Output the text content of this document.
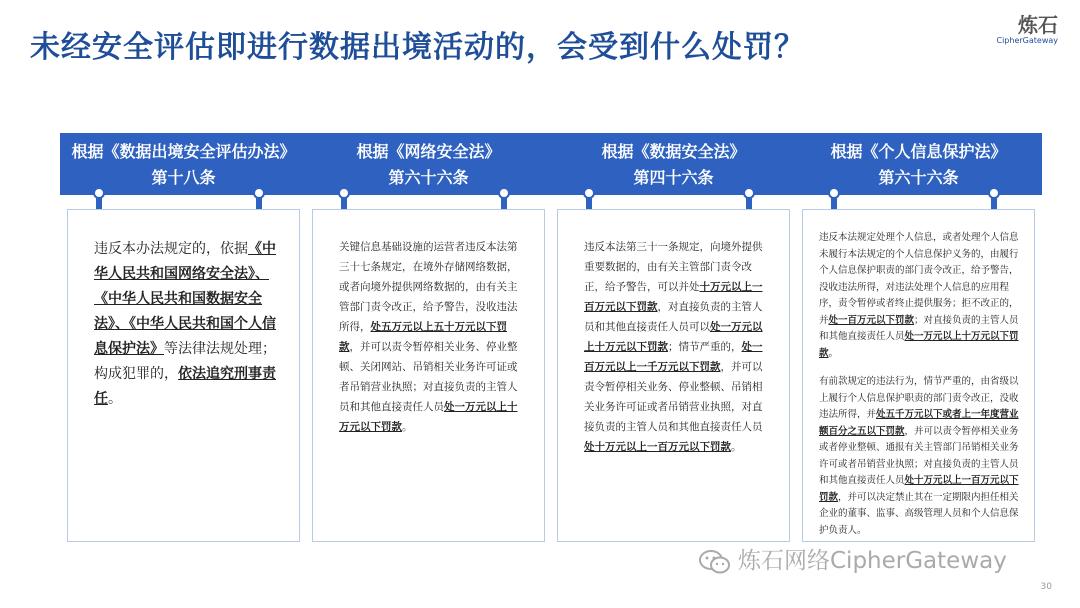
未经安全评估即进行数据出境活动的，会受到什么处罚？
炼石
CipherGateway
根据《数据出境安全评估办法》
第十八条
违反本办法规定的，依据《中华人民共和国网络安全法》、《中华人民共和国数据安全法》、《中华人民共和国个人信息保护法》等法律法规处理；构成犯罪的，依法追究刑事责任。
根据《网络安全法》
第六十六条
关键信息基础设施的运营者违反本法第三十七条规定，在境外存储网络数据，或者向境外提供网络数据的，由有关主管部门责令改正，给予警告，没收违法所得，处五万元以上五十万元以下罚款，并可以责令暂停相关业务、停业整顿、关闭网站、吊销相关业务许可证或者吊销营业执照；对直接负责的主管人员和其他直接责任人员处一万元以上十万元以下罚款。
根据《数据安全法》
第四十六条
违反本法第三十一条规定，向境外提供重要数据的，由有关主管部门责令改正，给予警告，可以并处十万元以上一百万元以下罚款，对直接负责的主管人员和其他直接责任人员可以处一万元以上十万元以下罚款；情节严重的，处一百万元以上一千万元以下罚款，并可以责令暂停相关业务、停业整顿、吊销相关业务许可证或者吊销营业执照，对直接负责的主管人员和其他直接责任人员处十万元以上一百万元以下罚款。
根据《个人信息保护法》
第六十六条
违反本法规定处理个人信息，或者处理个人信息未履行本法规定的个人信息保护义务的，由履行个人信息保护职责的部门责令改正，给予警告，没收违法所得，对违法处理个人信息的应用程序，责令暂停或者终止提供服务；拒不改正的，并处一百万元以下罚款；对直接负责的主管人员和其他直接责任人员处一万元以上十万元以下罚款。
有前款规定的违法行为，情节严重的，由省级以上履行个人信息保护职责的部门责令改正，没收违法所得，并处五千万元以下或者上一年度营业额百分之五以下罚款，并可以责令暂停相关业务或者停业整顿、通报有关主管部门吊销相关业务许可或者吊销营业执照；对直接负责的主管人员和其他直接责任人员处十万元以上一百万元以下罚款，并可以决定禁止其在一定期限内担任相关企业的董事、监事、高级管理人员和个人信息保护负责人。
炼石网络CipherGateway
30
